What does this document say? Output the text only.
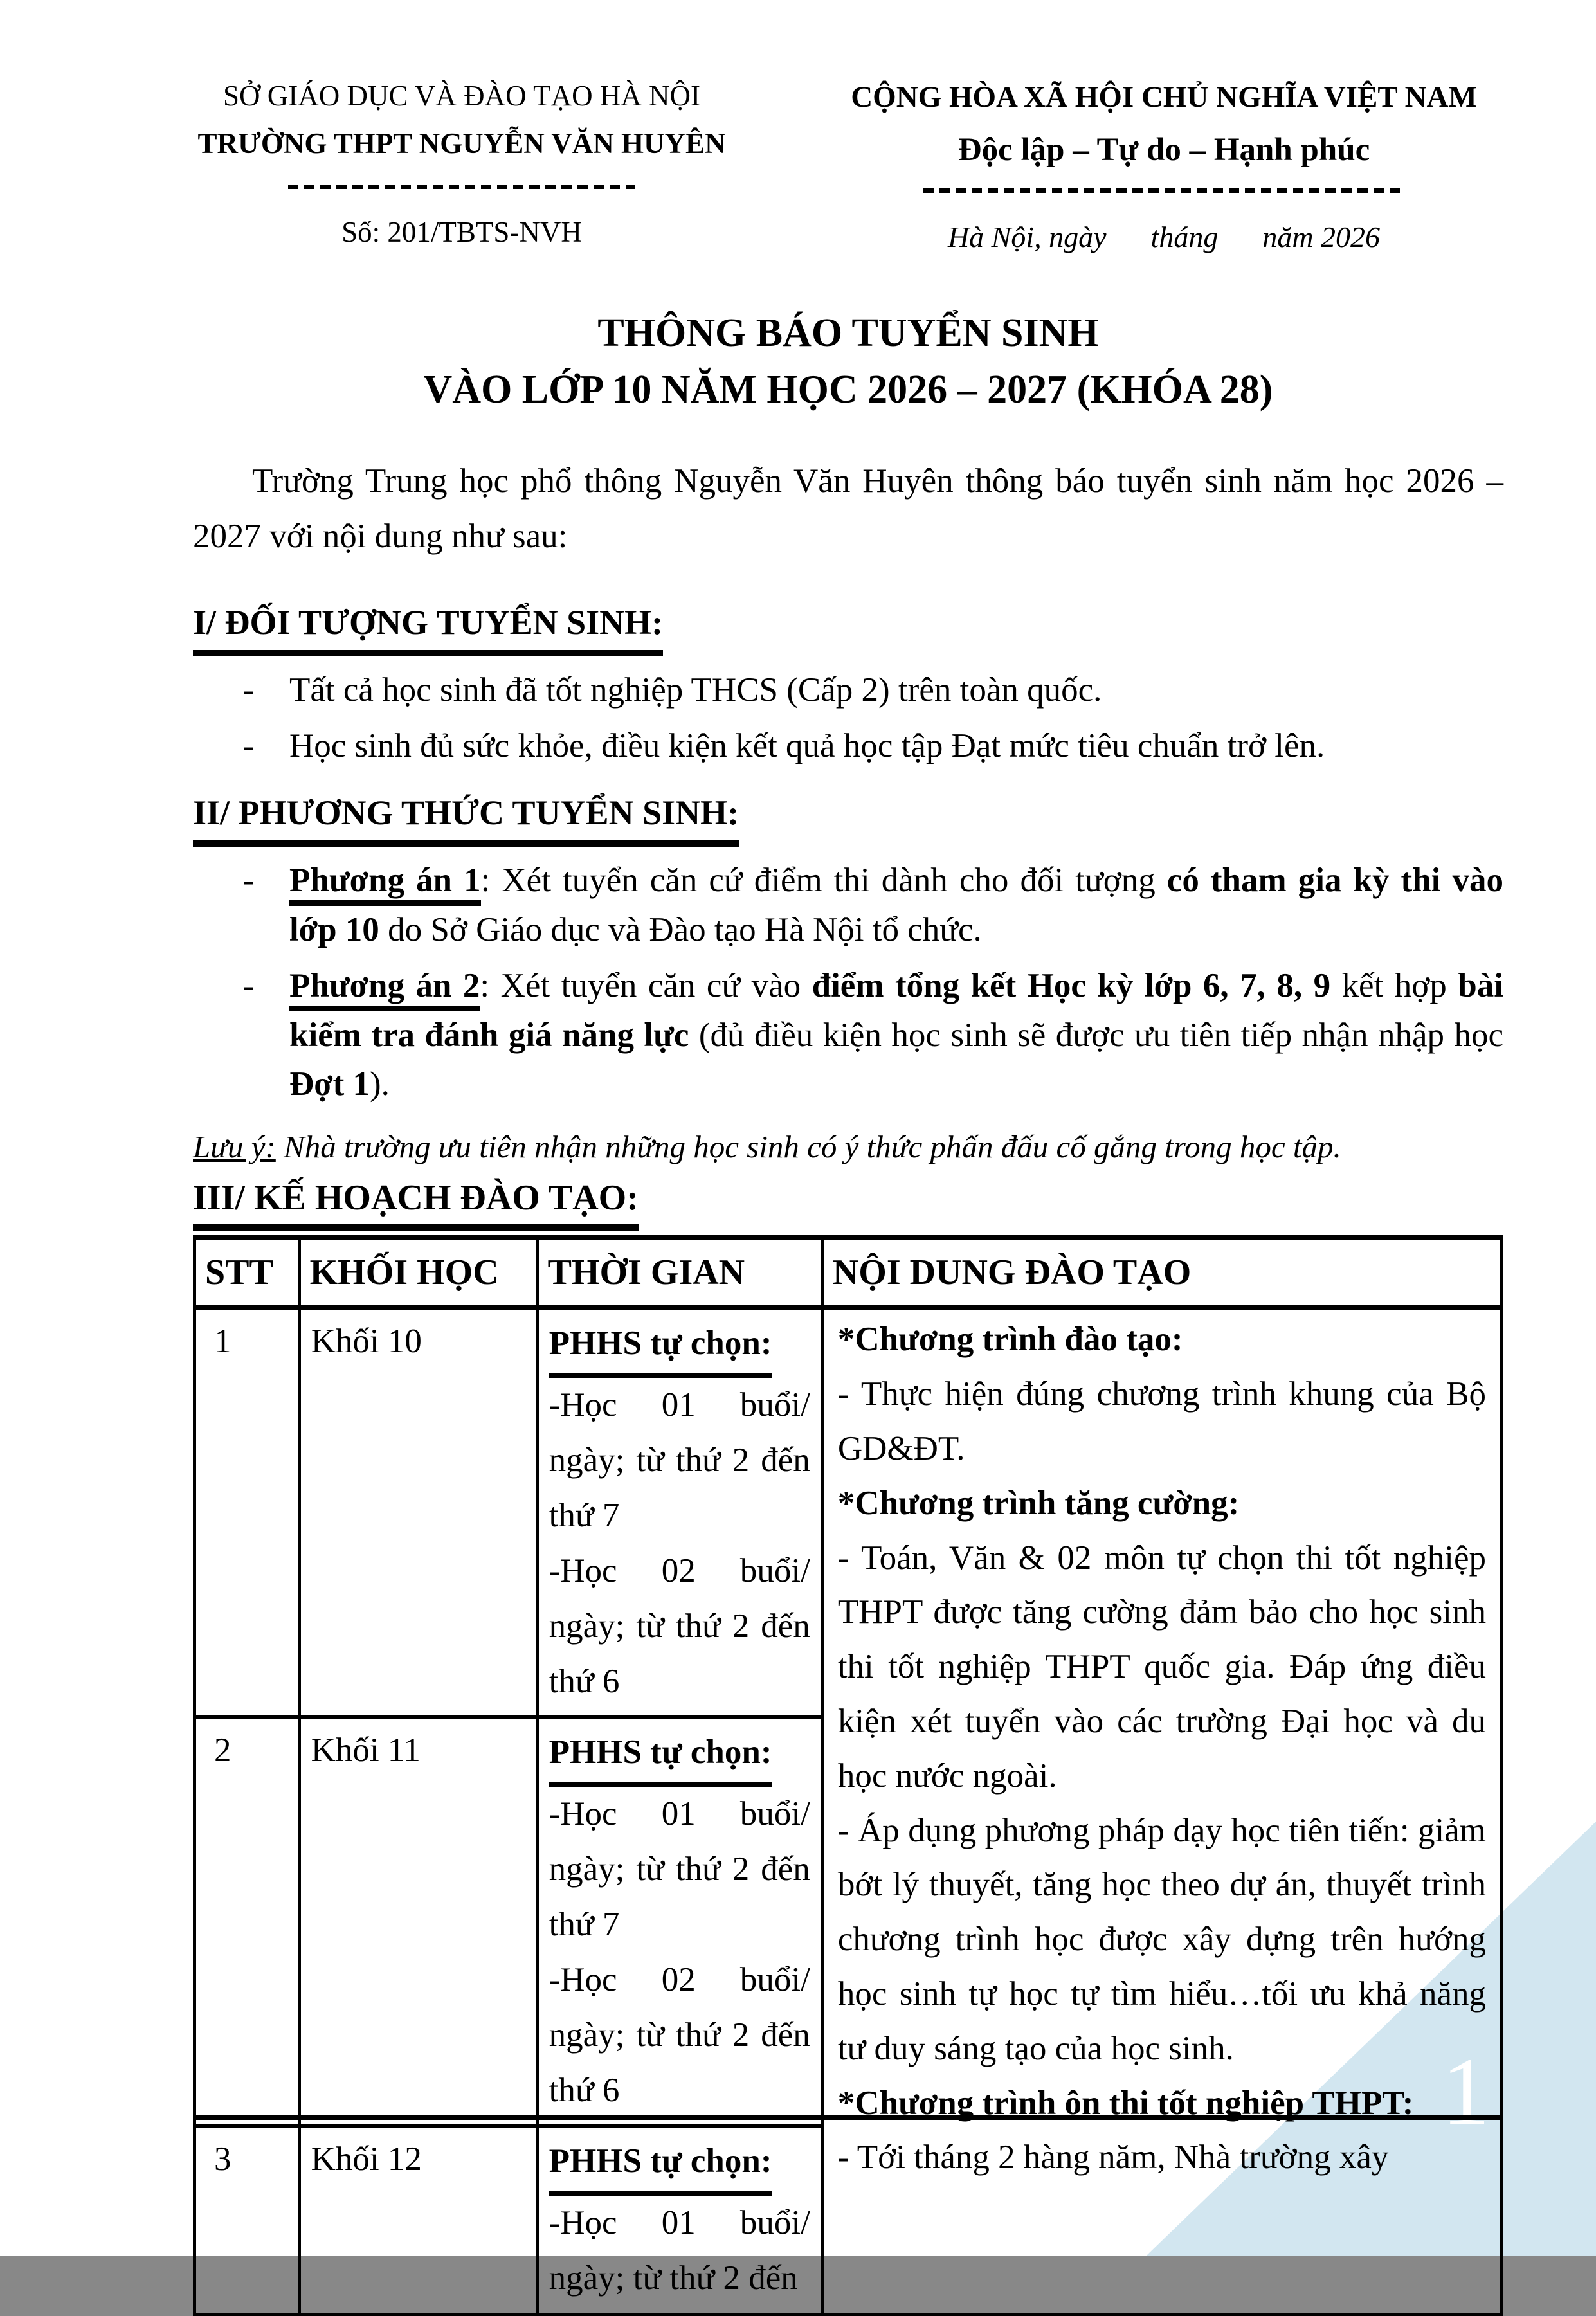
1
SỞ GIÁO DỤC VÀ ĐÀO TẠO HÀ NỘI
TRƯỜNG THPT NGUYỄN VĂN HUYÊN
Số: 201/TBTS-NVH
CỘNG HÒA XÃ HỘI CHỦ NGHĨA VIỆT NAM
Độc lập – Tự do – Hạnh phúc
Hà Nội, ngày      tháng      năm 2026
THÔNG BÁO TUYỂN SINH
VÀO LỚP 10 NĂM HỌC 2026 – 2027 (KHÓA 28)
Trường Trung học phổ thông Nguyễn Văn Huyên thông báo tuyển sinh năm học 2026 – 2027 với nội dung như sau:
I/ ĐỐI TƯỢNG TUYỂN SINH:
- Tất cả học sinh đã tốt nghiệp THCS (Cấp 2) trên toàn quốc.
- Học sinh đủ sức khỏe, điều kiện kết quả học tập Đạt mức tiêu chuẩn trở lên.
II/ PHƯƠNG THỨC TUYỂN SINH:
- Phương án 1: Xét tuyển căn cứ điểm thi dành cho đối tượng có tham gia kỳ thi vào lớp 10 do Sở Giáo dục và Đào tạo Hà Nội tổ chức.
- Phương án 2: Xét tuyển căn cứ vào điểm tổng kết Học kỳ lớp 6, 7, 8, 9 kết hợp bài kiểm tra đánh giá năng lực (đủ điều kiện học sinh sẽ được ưu tiên tiếp nhận nhập học Đợt 1).
Lưu ý: Nhà trường ưu tiên nhận những học sinh có ý thức phấn đấu cố gắng trong học tập.
III/ KẾ HOẠCH ĐÀO TẠO:
STT	KHỐI HỌC	THỜI GIAN	NỘI DUNG ĐÀO TẠO
1	Khối 10	PHHS tự chọn:

-Học 01 buổi/ ngày; từ thứ 2 đến thứ 7

-Học 02 buổi/ ngày; từ thứ 2 đến thứ 6

*Chương trình đào tạo:

- Thực hiện đúng chương trình khung của Bộ GD&ĐT.

*Chương trình tăng cường:

- Toán, Văn & 02 môn tự chọn thi tốt nghiệp THPT được tăng cường đảm bảo cho học sinh thi tốt nghiệp THPT quốc gia. Đáp ứng điều kiện xét tuyển vào các trường Đại học và du học nước ngoài.

- Áp dụng phương pháp dạy học tiên tiến: giảm bớt lý thuyết, tăng học theo dự án, thuyết trình chương trình học được xây dựng trên hướng học sinh tự học tự tìm hiểu…tối ưu khả năng tư duy sáng tạo của học sinh.

*Chương trình ôn thi tốt nghiệp THPT:

- Tới tháng 2 hàng năm, Nhà trường xây

2	Khối 11	PHHS tự chọn:

-Học 01 buổi/ ngày; từ thứ 2 đến thứ 7

-Học 02 buổi/ ngày; từ thứ 2 đến thứ 6	

3	Khối 12	PHHS tự chọn:

-Học 01 buổi/ ngày; từ thứ 2 đến	
